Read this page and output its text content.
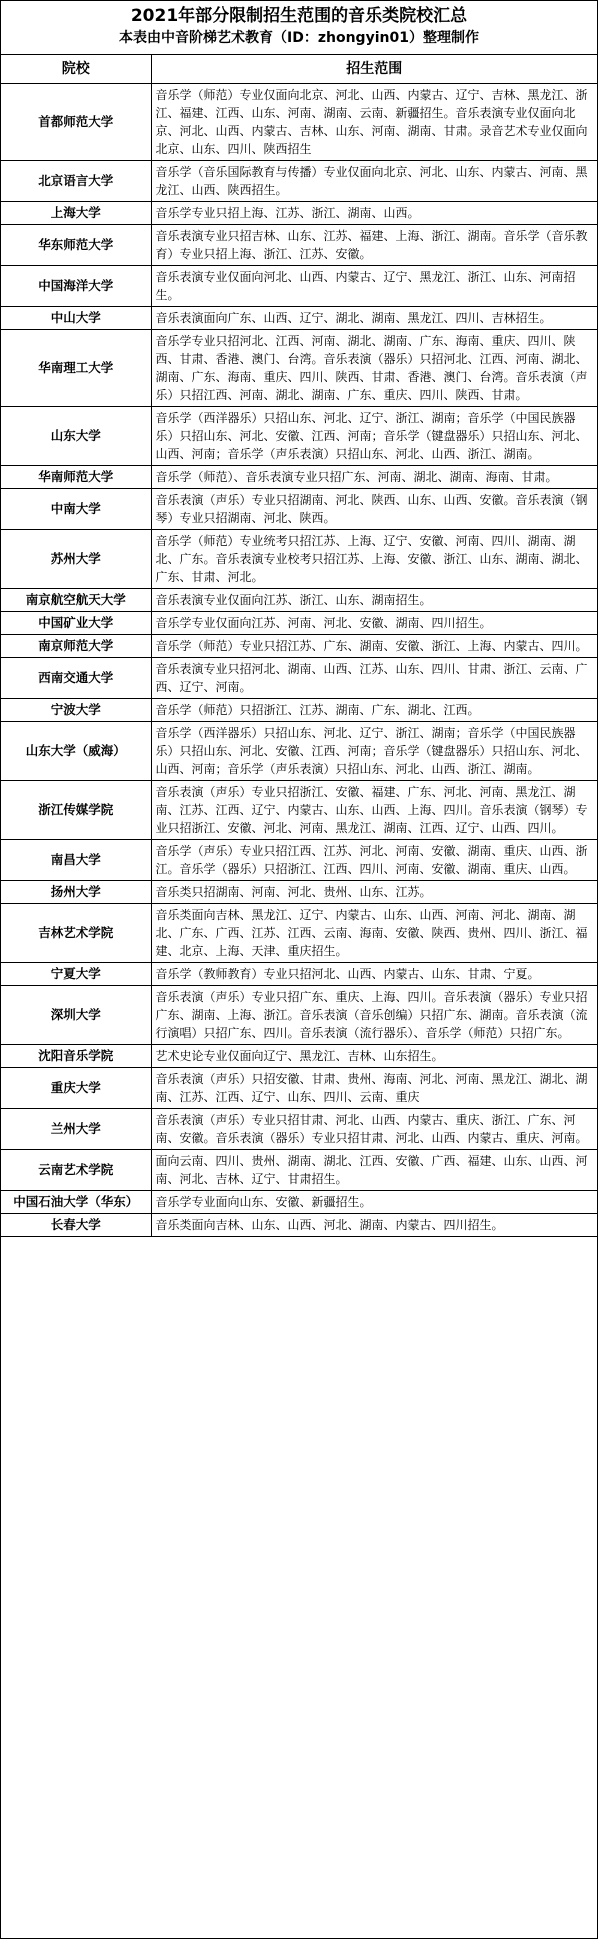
2021年部分限制招生范围的音乐类院校汇总
本表由中音阶梯艺术教育（ID：zhongyin01）整理制作
院校	招生范围
首都师范大学	音乐学（师范）专业仅面向北京、河北、山西、内蒙古、辽宁、吉林、黑龙江、浙江、福建、江西、山东、河南、湖南、云南、新疆招生。音乐表演专业仅面向北京、河北、山西、内蒙古、吉林、山东、河南、湖南、甘肃。录音艺术专业仅面向北京、山东、四川、陕西招生
北京语言大学	音乐学（音乐国际教育与传播）专业仅面向北京、河北、山东、内蒙古、河南、黑龙江、山西、陕西招生。
上海大学	音乐学专业只招上海、江苏、浙江、湖南、山西。
华东师范大学	音乐表演专业只招吉林、山东、江苏、福建、上海、浙江、湖南。音乐学（音乐教育）专业只招上海、浙江、江苏、安徽。
中国海洋大学	音乐表演专业仅面向河北、山西、内蒙古、辽宁、黑龙江、浙江、山东、河南招生。
中山大学	音乐表演面向广东、山西、辽宁、湖北、湖南、黑龙江、四川、吉林招生。
华南理工大学	音乐学专业只招河北、江西、河南、湖北、湖南、广东、海南、重庆、四川、陕西、甘肃、香港、澳门、台湾。音乐表演（器乐）只招河北、江西、河南、湖北、湖南、广东、海南、重庆、四川、陕西、甘肃、香港、澳门、台湾。音乐表演（声乐）只招江西、河南、湖北、湖南、广东、重庆、四川、陕西、甘肃。
山东大学	音乐学（西洋器乐）只招山东、河北、辽宁、浙江、湖南；音乐学（中国民族器乐）只招山东、河北、安徽、江西、河南；音乐学（键盘器乐）只招山东、河北、山西、河南；音乐学（声乐表演）只招山东、河北、山西、浙江、湖南。
华南师范大学	音乐学（师范）、音乐表演专业只招广东、河南、湖北、湖南、海南、甘肃。
中南大学	音乐表演（声乐）专业只招湖南、河北、陕西、山东、山西、安徽。音乐表演（钢琴）专业只招湖南、河北、陕西。
苏州大学	音乐学（师范）专业统考只招江苏、上海、辽宁、安徽、河南、四川、湖南、湖北、广东。音乐表演专业校考只招江苏、上海、安徽、浙江、山东、湖南、湖北、广东、甘肃、河北。
南京航空航天大学	音乐表演专业仅面向江苏、浙江、山东、湖南招生。
中国矿业大学	音乐学专业仅面向江苏、河南、河北、安徽、湖南、四川招生。
南京师范大学	音乐学（师范）专业只招江苏、广东、湖南、安徽、浙江、上海、内蒙古、四川。
西南交通大学	音乐表演专业只招河北、湖南、山西、江苏、山东、四川、甘肃、浙江、云南、广西、辽宁、河南。
宁波大学	音乐学（师范）只招浙江、江苏、湖南、广东、湖北、江西。
山东大学（威海）	音乐学（西洋器乐）只招山东、河北、辽宁、浙江、湖南；音乐学（中国民族器乐）只招山东、河北、安徽、江西、河南；音乐学（键盘器乐）只招山东、河北、山西、河南；音乐学（声乐表演）只招山东、河北、山西、浙江、湖南。
浙江传媒学院	音乐表演（声乐）专业只招浙江、安徽、福建、广东、河北、河南、黑龙江、湖南、江苏、江西、辽宁、内蒙古、山东、山西、上海、四川。音乐表演（钢琴）专业只招浙江、安徽、河北、河南、黑龙江、湖南、江西、辽宁、山西、四川。
南昌大学	音乐学（声乐）专业只招江西、江苏、河北、河南、安徽、湖南、重庆、山西、浙江。音乐学（器乐）只招浙江、江西、四川、河南、安徽、湖南、重庆、山西。
扬州大学	音乐类只招湖南、河南、河北、贵州、山东、江苏。
吉林艺术学院	音乐类面向吉林、黑龙江、辽宁、内蒙古、山东、山西、河南、河北、湖南、湖北、广东、广西、江苏、江西、云南、海南、安徽、陕西、贵州、四川、浙江、福建、北京、上海、天津、重庆招生。
宁夏大学	音乐学（教师教育）专业只招河北、山西、内蒙古、山东、甘肃、宁夏。
深圳大学	音乐表演（声乐）专业只招广东、重庆、上海、四川。音乐表演（器乐）专业只招广东、湖南、上海、浙江。音乐表演（音乐创编）只招广东、湖南。音乐表演（流行演唱）只招广东、四川。音乐表演（流行器乐）、音乐学（师范）只招广东。
沈阳音乐学院	艺术史论专业仅面向辽宁、黑龙江、吉林、山东招生。
重庆大学	音乐表演（声乐）只招安徽、甘肃、贵州、海南、河北、河南、黑龙江、湖北、湖南、江苏、江西、辽宁、山东、四川、云南、重庆
兰州大学	音乐表演（声乐）专业只招甘肃、河北、山西、内蒙古、重庆、浙江、广东、河南、安徽。音乐表演（器乐）专业只招甘肃、河北、山西、内蒙古、重庆、河南。
云南艺术学院	面向云南、四川、贵州、湖南、湖北、江西、安徽、广西、福建、山东、山西、河南、河北、吉林、辽宁、甘肃招生。
中国石油大学（华东）	音乐学专业面向山东、安徽、新疆招生。
长春大学	音乐类面向吉林、山东、山西、河北、湖南、内蒙古、四川招生。
